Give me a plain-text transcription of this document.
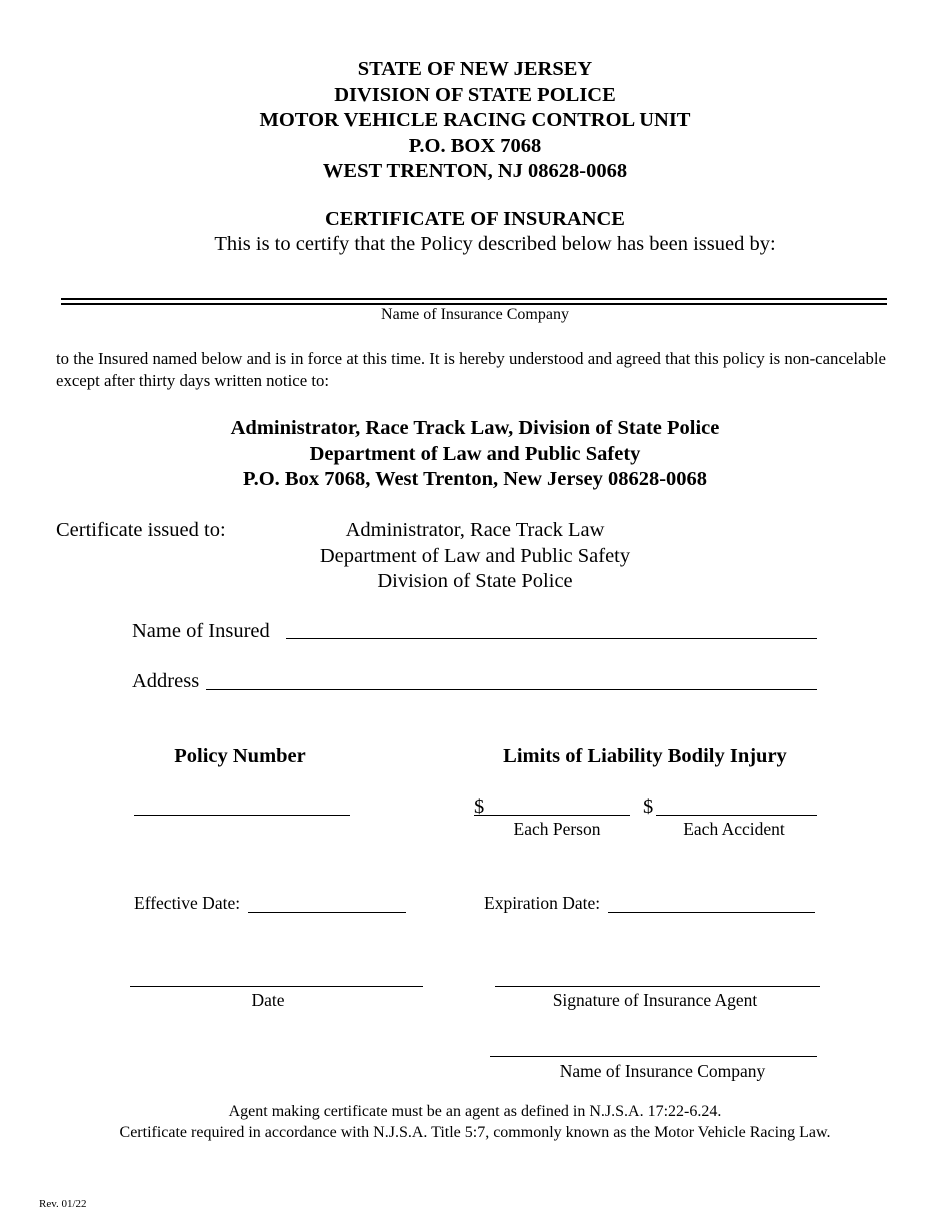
STATE OF NEW JERSEY
DIVISION OF STATE POLICE
MOTOR VEHICLE RACING CONTROL UNIT
P.O. BOX 7068
WEST TRENTON, NJ 08628-0068
CERTIFICATE OF INSURANCE
This is to certify that the Policy described below has been issued by:
Name of Insurance Company
to the Insured named below and is in force at this time. It is hereby understood and agreed that this policy is non-cancelable except after thirty days written notice to:
Administrator, Race Track Law, Division of State Police
Department of Law and Public Safety
P.O. Box 7068, West Trenton, New Jersey 08628-0068
Certificate issued to:	Administrator, Race Track Law
Department of Law and Public Safety
Division of State Police
Name of Insured
Address
Policy Number	Limits of Liability Bodily Injury
$
Each Person
$
Each Accident
Effective Date:	Expiration Date:
Date	Signature of Insurance Agent
Name of Insurance Company
Agent making certificate must be an agent as defined in N.J.S.A. 17:22-6.24.
Certificate required in accordance with N.J.S.A. Title 5:7, commonly known as the Motor Vehicle Racing Law.
Rev. 01/22
